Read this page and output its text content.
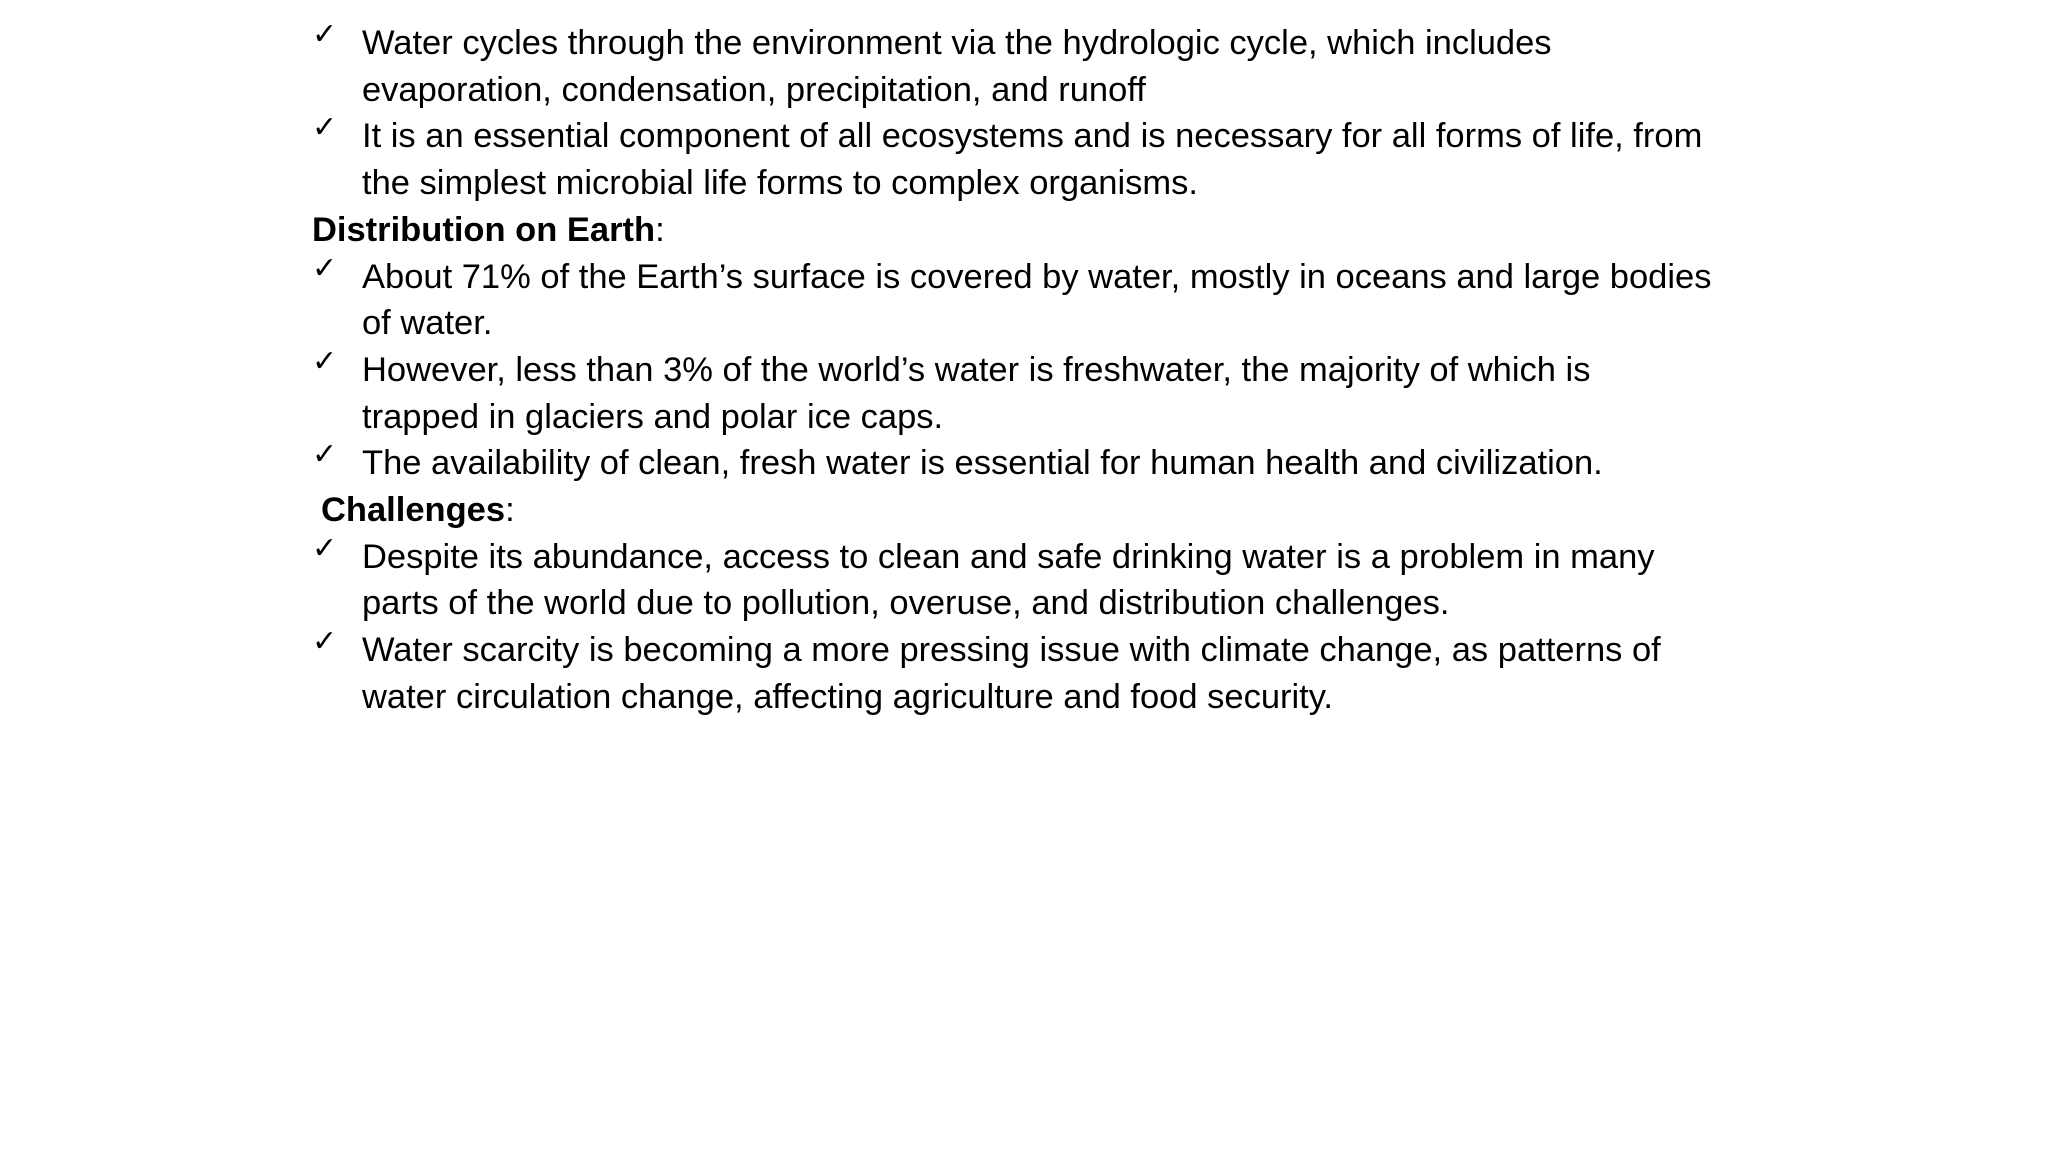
✓ Water cycles through the environment via the hydrologic cycle, which includes evaporation, condensation, precipitation, and runoff
✓ It is an essential component of all ecosystems and is necessary for all forms of life, from the simplest microbial life forms to complex organisms.
Distribution on Earth:
✓ About 71% of the Earth’s surface is covered by water, mostly in oceans and large bodies of water.
✓ However, less than 3% of the world’s water is freshwater, the majority of which is trapped in glaciers and polar ice caps.
✓ The availability of clean, fresh water is essential for human health and civilization.
Challenges:
✓ Despite its abundance, access to clean and safe drinking water is a problem in many parts of the world due to pollution, overuse, and distribution challenges.
✓ Water scarcity is becoming a more pressing issue with climate change, as patterns of water circulation change, affecting agriculture and food security.
